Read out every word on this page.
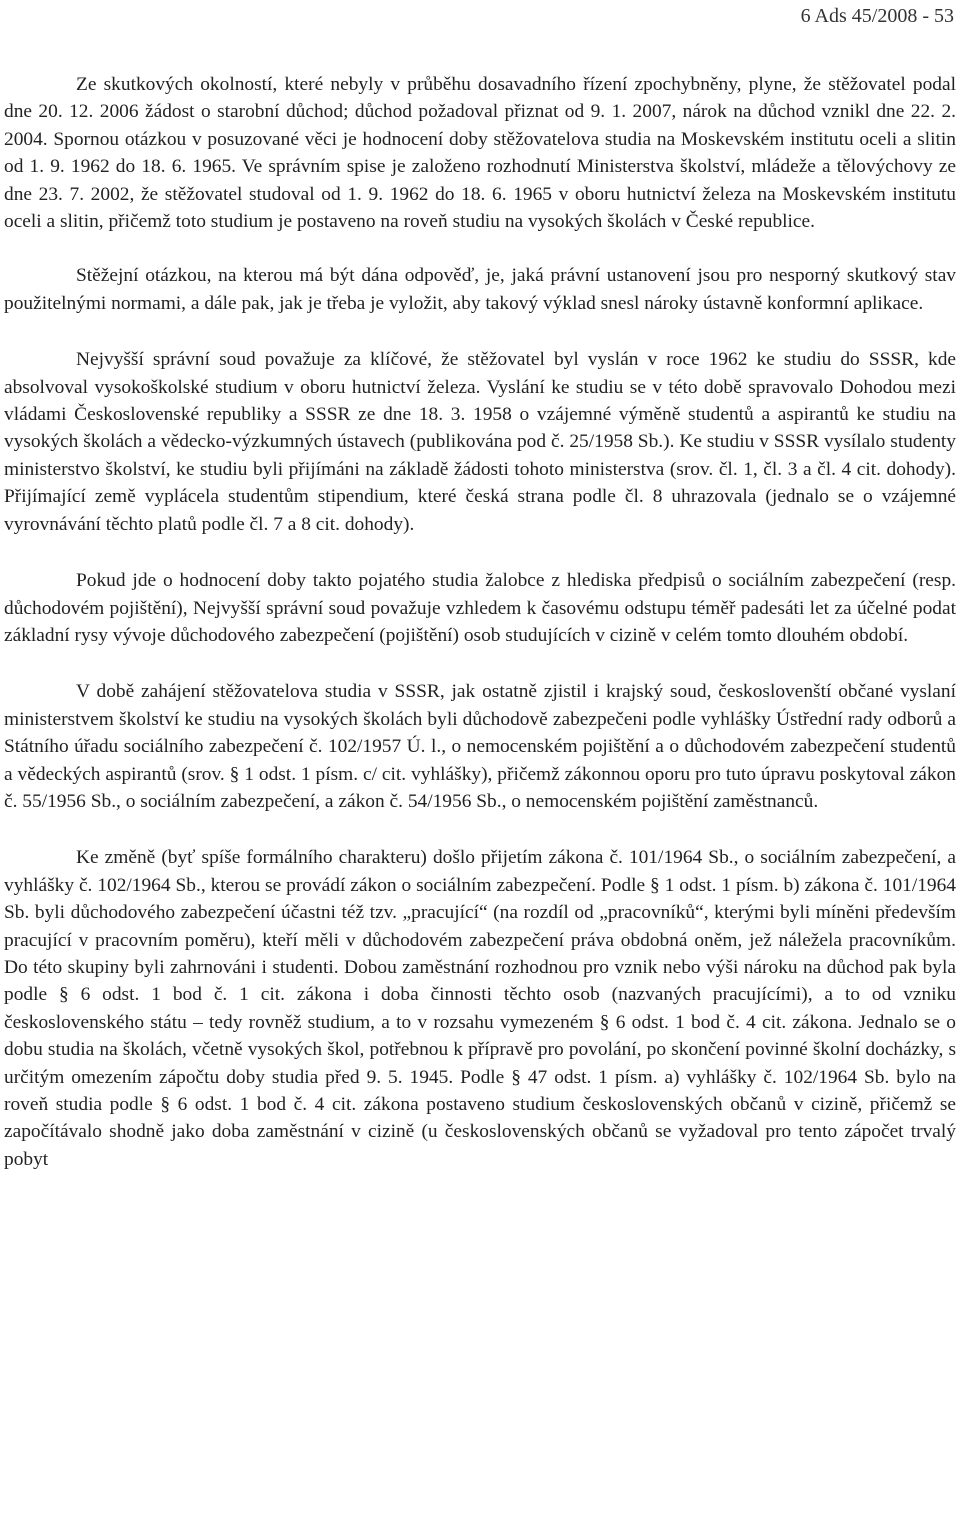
6 Ads 45/2008 - 53

Ze skutkových okolností, které nebyly v průběhu dosavadního řízení zpochybněny, plyne, že stěžovatel podal dne 20. 12. 2006 žádost o starobní důchod; důchod požadoval přiznat od 9. 1. 2007, nárok na důchod vznikl dne 22. 2. 2004. Spornou otázkou v posuzované věci je hodnocení doby stěžovatelova studia na Moskevském institutu oceli a slitin od 1. 9. 1962 do 18. 6. 1965. Ve správním spise je založeno rozhodnutí Ministerstva školství, mládeže a tělovýchovy ze dne 23. 7. 2002, že stěžovatel studoval od 1. 9. 1962 do 18. 6. 1965 v oboru hutnictví železa na Moskevském institutu oceli a slitin, přičemž toto studium je postaveno na roveň studiu na vysokých školách v České republice.

Stěžejní otázkou, na kterou má být dána odpověď, je, jaká právní ustanovení jsou pro nesporný skutkový stav použitelnými normami, a dále pak, jak je třeba je vyložit, aby takový výklad snesl nároky ústavně konformní aplikace.

Nejvyšší správní soud považuje za klíčové, že stěžovatel byl vyslán v roce 1962 ke studiu do SSSR, kde absolvoval vysokoškolské studium v oboru hutnictví železa. Vyslání ke studiu se v této době spravovalo Dohodou mezi vládami Československé republiky a SSSR ze dne 18. 3. 1958 o vzájemné výměně studentů a aspirantů ke studiu na vysokých školách a vědecko-výzkumných ústavech (publikována pod č. 25/1958 Sb.). Ke studiu v SSSR vysílalo studenty ministerstvo školství, ke studiu byli přijímáni na základě žádosti tohoto ministerstva (srov. čl. 1, čl. 3 a čl. 4 cit. dohody). Přijímající země vyplácela studentům stipendium, které česká strana podle čl. 8 uhrazovala (jednalo se o vzájemné vyrovnávání těchto platů podle čl. 7 a 8 cit. dohody).

Pokud jde o hodnocení doby takto pojatého studia žalobce z hlediska předpisů o sociálním zabezpečení (resp. důchodovém pojištění), Nejvyšší správní soud považuje vzhledem k časovému odstupu téměř padesáti let za účelné podat základní rysy vývoje důchodového zabezpečení (pojištění) osob studujících v cizině v celém tomto dlouhém období.

V době zahájení stěžovatelova studia v SSSR, jak ostatně zjistil i krajský soud, českoslovenští občané vyslaní ministerstvem školství ke studiu na vysokých školách byli důchodově zabezpečeni podle vyhlášky Ústřední rady odborů a Státního úřadu sociálního zabezpečení č. 102/1957 Ú. l., o nemocenském pojištění a o důchodovém zabezpečení studentů a vědeckých aspirantů (srov. § 1 odst. 1 písm. c/ cit. vyhlášky), přičemž zákonnou oporu pro tuto úpravu poskytoval zákon č. 55/1956 Sb., o sociálním zabezpečení, a zákon č. 54/1956 Sb., o nemocenském pojištění zaměstnanců.

Ke změně (byť spíše formálního charakteru) došlo přijetím zákona č. 101/1964 Sb., o sociálním zabezpečení, a vyhlášky č. 102/1964 Sb., kterou se provádí zákon o sociálním zabezpečení. Podle § 1 odst. 1 písm. b) zákona č. 101/1964 Sb. byli důchodového zabezpečení účastni též tzv. „pracující“ (na rozdíl od „pracovníků“, kterými byli míněni především pracující v pracovním poměru), kteří měli v důchodovém zabezpečení práva obdobná oněm, jež náležela pracovníkům. Do této skupiny byli zahrnováni i studenti. Dobou zaměstnání rozhodnou pro vznik nebo výši nároku na důchod pak byla podle § 6 odst. 1 bod č. 1 cit. zákona i doba činnosti těchto osob (nazvaných pracujícími), a to od vzniku československého státu – tedy rovněž studium, a to v rozsahu vymezeném § 6 odst. 1 bod č. 4 cit. zákona. Jednalo se o dobu studia na školách, včetně vysokých škol, potřebnou k přípravě pro povolání, po skončení povinné školní docházky, s určitým omezením zápočtu doby studia před 9. 5. 1945. Podle § 47 odst. 1 písm. a) vyhlášky č. 102/1964 Sb. bylo na roveň studia podle § 6 odst. 1 bod č. 4 cit. zákona postaveno studium československých občanů v cizině, přičemž se započítávalo shodně jako doba zaměstnání v cizině (u československých občanů se vyžadoval pro tento zápočet trvalý pobyt
